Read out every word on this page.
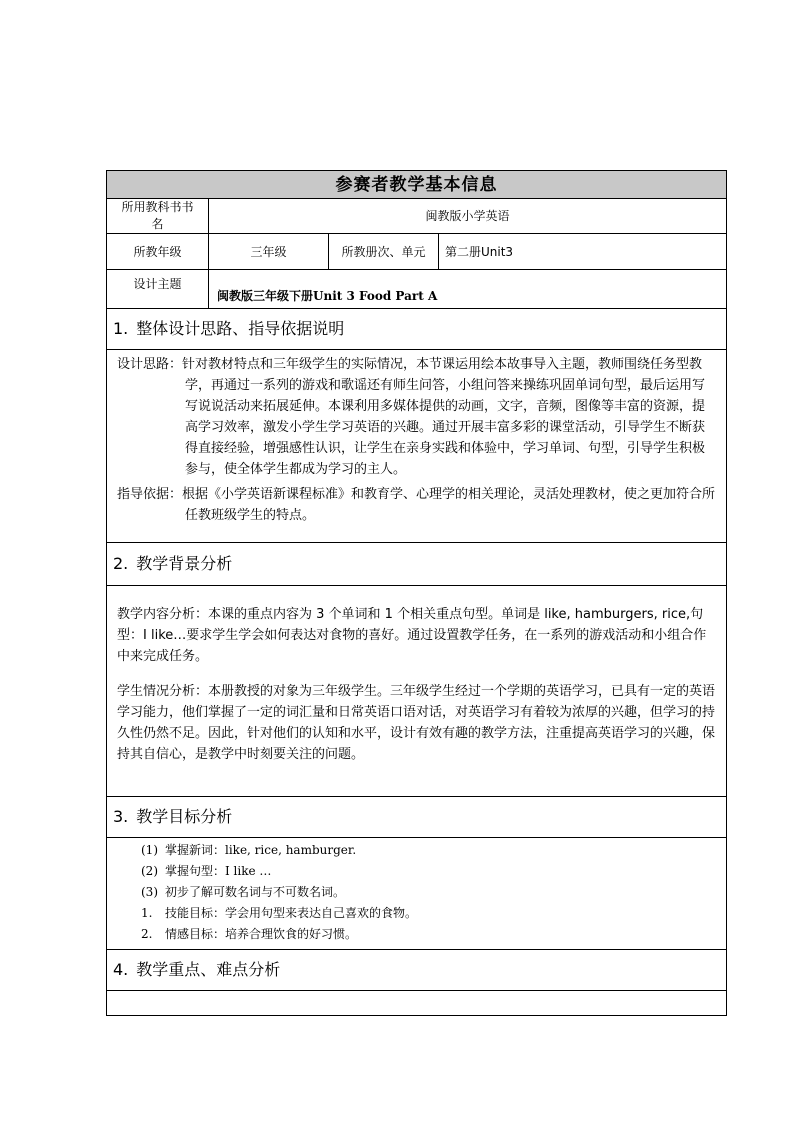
参赛者教学基本信息			
所用教科书书名	闽教版小学英语		
所教年级	三年级	所教册次、单元	第二册Unit3
设计主题	闽教版三年级下册Unit 3 Food Part A		

1. 整体设计思路、指导依据说明			

设计思路：针对教材特点和三年级学生的实际情况，本节课运用绘本故事导入主题，教师围绕任务型教学，再通过一系列的游戏和歌谣还有师生问答，小组问答来操练巩固单词句型，最后运用写写说说活动来拓展延伸。本课利用多媒体提供的动画，文字，音频，图像等丰富的资源，提高学习效率，激发小学生学习英语的兴趣。通过开展丰富多彩的课堂活动，引导学生不断获得直接经验，增强感性认识，让学生在亲身实践和体验中，学习单词、句型，引导学生积极参与，使全体学生都成为学习的主人。
指导依据：根据《小学英语新课程标准》和教育学、心理学的相关理论，灵活处理教材，使之更加符合所任教班级学生的特点。			

2. 教学背景分析			

教学内容分析：本课的重点内容为 3 个单词和 1 个相关重点句型。单词是 like, hamburgers, rice,句型：I like…要求学生学会如何表达对食物的喜好。通过设置教学任务，在一系列的游戏活动和小组合作中来完成任务。
学生情况分析：本册教授的对象为三年级学生。三年级学生经过一个学期的英语学习，已具有一定的英语学习能力，他们掌握了一定的词汇量和日常英语口语对话，对英语学习有着较为浓厚的兴趣，但学习的持久性仍然不足。因此，针对他们的认知和水平，设计有效有趣的教学方法，注重提高英语学习的兴趣，保持其自信心，是教学中时刻要关注的问题。			

3. 教学目标分析			

(1) 掌握新词：like, rice, hamburger.
(2) 掌握句型：I like …
(3) 初步了解可数名词与不可数名词。
1. 技能目标：学会用句型来表达自己喜欢的食物。
2. 情感目标：培养合理饮食的好习惯。			

4. 教学重点、难点分析			
